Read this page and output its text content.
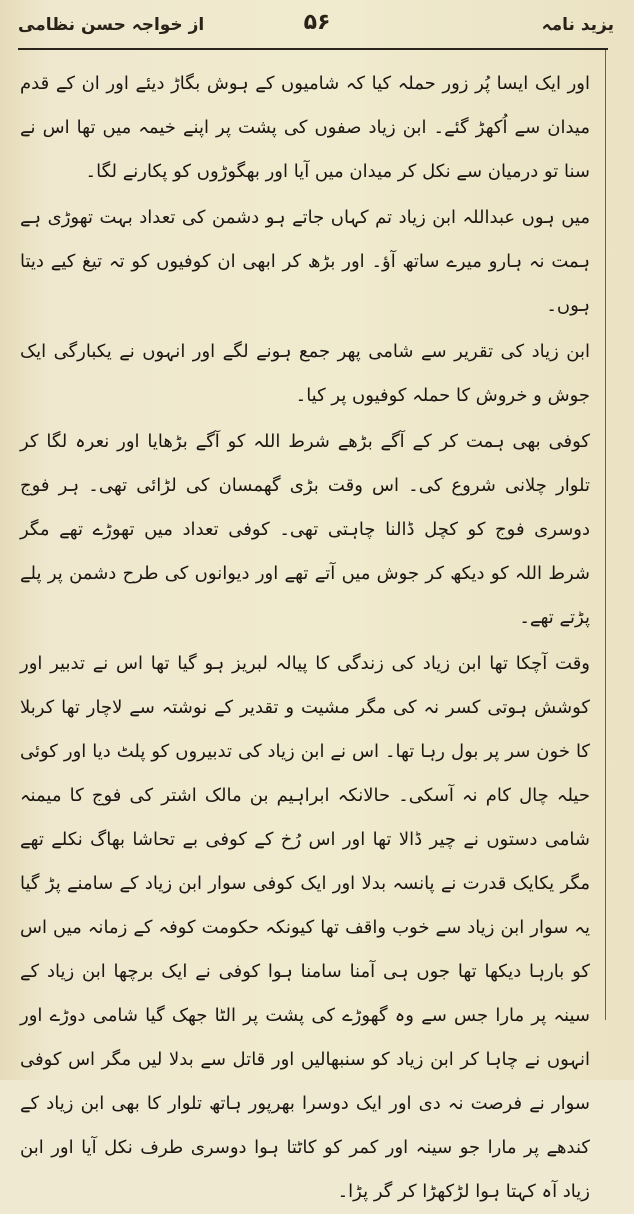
یزید نامہ
۵۶
از خواجہ حسن نظامی

اور ایک ایسا پُر زور حملہ کیا کہ شامیوں کے ہوش بگاڑ دیئے اور ان کے قدم میدان سے اُکھڑ گئے۔ ابن زیاد صفوں کی پشت پر اپنے خیمہ میں تھا اس نے سنا تو درمیان سے نکل کر میدان میں آیا اور بھگوڑوں کو پکارنے لگا۔

میں ہوں عبداللہ ابن زیاد تم کہاں جاتے ہو دشمن کی تعداد بہت تھوڑی ہے ہمت نہ ہارو میرے ساتھ آؤ۔ اور بڑھ کر ابھی ان کوفیوں کو تہ تیغ کیے دیتا ہوں۔

ابن زیاد کی تقریر سے شامی پھر جمع ہونے لگے اور انہوں نے یکبارگی ایک جوش و خروش کا حملہ کوفیوں پر کیا۔

کوفی بھی ہمت کر کے آگے بڑھے شرط اللہ کو آگے بڑھایا اور نعرہ لگا کر تلوار چلانی شروع کی۔ اس وقت بڑی گھمسان کی لڑائی تھی۔ ہر فوج دوسری فوج کو کچل ڈالنا چاہتی تھی۔ کوفی تعداد میں تھوڑے تھے مگر شرط اللہ کو دیکھ کر جوش میں آتے تھے اور دیوانوں کی طرح دشمن پر پلے پڑتے تھے۔

وقت آچکا تھا ابن زیاد کی زندگی کا پیالہ لبریز ہو گیا تھا اس نے تدبیر اور کوشش ہوتی کسر نہ کی مگر مشیت و تقدیر کے نوشتہ سے لاچار تھا کربلا کا خون سر پر بول رہا تھا۔ اس نے ابن زیاد کی تدبیروں کو پلٹ دیا اور کوئی حیلہ چال کام نہ آسکی۔ حالانکہ ابراہیم بن مالک اشتر کی فوج کا میمنہ شامی دستوں نے چیر ڈالا تھا اور اس رُخ کے کوفی بے تحاشا بھاگ نکلے تھے مگر یکایک قدرت نے پانسہ بدلا اور ایک کوفی سوار ابن زیاد کے سامنے پڑ گیا یہ سوار ابن زیاد سے خوب واقف تھا کیونکہ حکومت کوفہ کے زمانہ میں اس کو بارہا دیکھا تھا جوں ہی آمنا سامنا ہوا کوفی نے ایک برچھا ابن زیاد کے سینہ پر مارا جس سے وہ گھوڑے کی پشت پر الٹا جھک گیا شامی دوڑے اور انہوں نے چاہا کر ابن زیاد کو سنبھالیں اور قاتل سے بدلا لیں مگر اس کوفی سوار نے فرصت نہ دی اور ایک دوسرا بھرپور ہاتھ تلوار کا بھی ابن زیاد کے کندھے پر مارا جو سینہ اور کمر کو کاٹتا ہوا دوسری طرف نکل آیا اور ابن زیاد آہ کہتا ہوا لڑکھڑا کر گر پڑا۔
